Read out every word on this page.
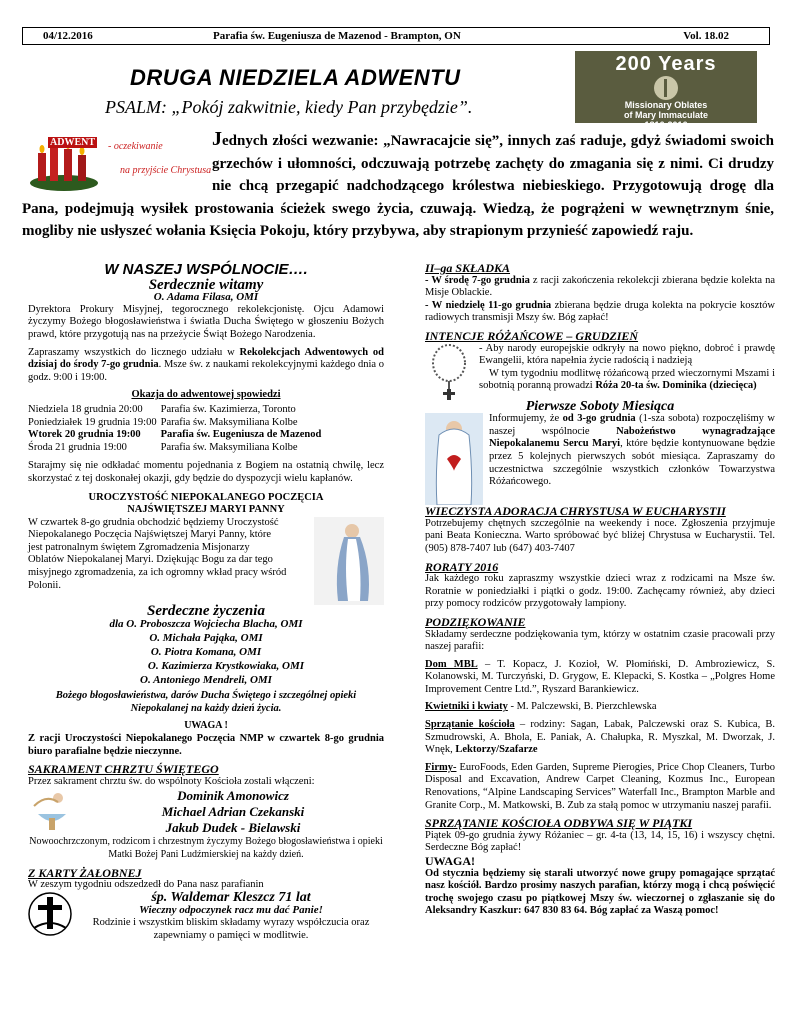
04/12.2016	Parafia św. Eugeniusza de Mazenod - Brampton, ON	Vol. 18.02
DRUGA NIEDZIELA ADWENTU
PSALM: „Pokój zakwitnie, kiedy Pan przybędzie”.
200 Years
Missionary Oblates
of Mary Immaculate
1816-2016
Jednych złości wezwanie: „Nawracajcie się”, innych zaś raduje, gdyż świadomi swoich grzechów i ułomności, odczuwają potrzebę zachęty do zmagania się z nimi. Ci drudzy nie chcą przegapić nadchodzącego królestwa niebieskiego. Przygotowują drogę dla Pana, podejmują wysiłek prostowania ścieżek swego życia, czuwają. Wiedzą, że pogrążeni w wewnętrznym śnie, mogliby nie usłyszeć wołania Księcia Pokoju, który przybywa, aby strapionym przynieść zapowiedź raju.
ADWENT - oczekiwanie
na przyjście Chrystusa
W NASZEJ WSPÓLNOCIE….
Serdecznie witamy
O. Adama Filasa, OMI

Dyrektora Prokury Misyjnej, tegorocznego rekolekcjonistę. Ojcu Adamowi życzymy Bożego błogosławieństwa i światła Ducha Świętego w głoszeniu Bożych prawd, które przygotują nas na przeżycie Świąt Bożego Narodzenia.

Zapraszamy wszystkich do licznego udziału w Rekolekcjach Adwentowych od dzisiaj do środy 7-go grudnia. Msze św. z naukami rekolekcyjnymi każdego dnia o godz. 9:00 i 19:00.

Okazja do adwentowej spowiedzi
Niedziela 18 grudnia 20:00	Parafia św. Kazimierza, Toronto
Poniedziałek 19 grudnia 19:00	Parafia św. Maksymiliana Kolbe
Wtorek 20 grudnia 19:00	Parafia św. Eugeniusza de Mazenod
Środa 21 grudnia 19:00	Parafia św. Maksymiliana Kolbe

Starajmy się nie odkładać momentu pojednania z Bogiem na ostatnią chwilę, lecz skorzystać z tej doskonałej okazji, gdy będzie do dyspozycji wielu kapłanów.

UROCZYSTOŚĆ NIEPOKALANEGO POCZĘCIA
NAJŚWIĘTSZEJ MARYI PANNY

W czwartek 8-go grudnia obchodzić będziemy Uroczystość Niepokalanego Poczęcia Najświętszej Maryi Panny, które jest patronalnym świętem Zgromadzenia Misjonarzy Oblatów Niepokalanej Maryi. Dziękując Bogu za dar tego misyjnego zgromadzenia, za ich ogromny wkład pracy wśród Polonii.

Serdeczne życzenia
dla O. Proboszcza Wojciecha Blacha, OMI
O. Michała Pająka, OMI
O. Piotra Komana, OMI
O. Kazimierza Krystkowiaka, OMI
O. Antoniego Mendreli, OMI

Bożego błogosławieństwa, darów Ducha Świętego i szczególnej opieki Niepokalanej na każdy dzień życia.

UWAGA !

Z racji Uroczystości Niepokalanego Poczęcia NMP w czwartek 8-go grudnia biuro parafialne będzie nieczynne.

SAKRAMENT CHRZTU ŚWIĘTEGO
Przez sakrament chrztu św. do wspólnoty Kościoła zostali włączeni:
Dominik Amonowicz
Michael Adrian Czekanski
Jakub Dudek - Bielawski

Nowoochrzczonym, rodzicom i chrzestnym życzymy Bożego błogosławieństwa i opieki Matki Bożej Pani Ludźmierskiej na każdy dzień.

Z KARTY ŻAŁOBNEJ
W zeszym tygodniu odszedzedł do Pana nasz parafianin
śp. Waldemar Kleszcz 71 lat
Wieczny odpoczynek racz mu dać Panie!
Rodzinie i wszystkim bliskim składamy wyrazy współczucia oraz zapewniamy o pamięci w modlitwie.
II–ga SKŁADKA
- W środę 7-go grudnia z racji zakończenia rekolekcji zbierana będzie kolekta na Misje Oblackie.

- W niedzielę 11-go grudnia zbierana będzie druga kolekta na pokrycie kosztów radiowych transmisji Mszy św. Bóg zapłać!

INTENCJE RÓŻAŃCOWE – GRUDZIEŃ
- Aby narody europejskie odkryły na nowo piękno, dobroć i prawdę Ewangelii, która napełnia życie radością i nadzieją

W tym tygodniu modlitwę różańcową przed wieczornymi Mszami i sobotnią poranną prowadzi Róża 20-ta św. Dominika (dziecięca)

Pierwsze Soboty Miesiąca

Informujemy, że od 3-go grudnia (1-sza sobota) rozpoczęliśmy w naszej wspólnocie Nabożeństwo wynagradzające Niepokalanemu Sercu Maryi, które będzie kontynuowane będzie przez 5 kolejnych pierwszych sobót miesiąca. Zapraszamy do uczestnictwa szczególnie wszystkich członków Towarzystwa Różańcowego.

WIECZYSTA ADORACJA CHRYSTUSA W EUCHARYSTII

Potrzebujemy chętnych szczególnie na weekendy i noce. Zgłoszenia przyjmuje pani Beata Konieczna. Warto spróbować być bliżej Chrystusa w Eucharystii. Tel. (905) 878-7407 lub (647) 403-7407

RORATY 2016

Jak każdego roku zapraszmy wszystkie dzieci wraz z rodzicami na Msze św. Roratnie w poniedziałki i piątki o godz. 19:00. Zachęcamy również, aby dzieci przy pomocy rodziców przygotowały lampiony.

PODZIĘKOWANIE

Składamy serdeczne podziękowania tym, którzy w ostatnim czasie pracowali przy naszej parafii:

Dom MBL – T. Kopacz, J. Kozioł, W. Płomiński, D. Ambroziewicz, S. Kolanowski, M. Turczyński, D. Grygow, E. Klepacki, S. Kostka – „Polgres Home Improvement Centre Ltd.”, Ryszard Barankiewicz.

Kwietniki i kwiaty - M. Palczewski, B. Pierzchlewska

Sprzątanie kościoła – rodziny: Sagan, Labak, Palczewski oraz S. Kubica, B. Szmudrowski, A. Bhola, E. Paniak, A. Chałupka, R. Myszkal, M. Dworzak, J. Wnęk, Lektorzy/Szafarze

Firmy- EuroFoods, Eden Garden, Supreme Pierogies, Price Chop Cleaners, Turbo Disposal and Excavation, Andrew Carpet Cleaning, Kozmus Inc., European Renovations, “Alpine Landscaping Services” Waterfall Inc., Brampton Marble and Granite Corp., M. Matkowski, B. Zub za stałą pomoc w utrzymaniu naszej parafii.

SPRZĄTANIE KOŚCIOŁA ODBYWA SIĘ W PIĄTKI
Piątek 09-go grudnia żywy Różaniec – gr. 4-ta (13, 14, 15, 16) i wszyscy chętni. Serdeczne Bóg zapłać!
UWAGA!
Od stycznia będziemy się starali utworzyć nowe grupy pomagające sprzątać nasz kościół. Bardzo prosimy naszych parafian, którzy mogą i chcą poświęcić trochę swojego czasu po piątkowej Mszy św. wieczornej o zgłaszanie się do Aleksandry Kaszkur: 647 830 83 64. Bóg zapłać za Waszą pomoc!
